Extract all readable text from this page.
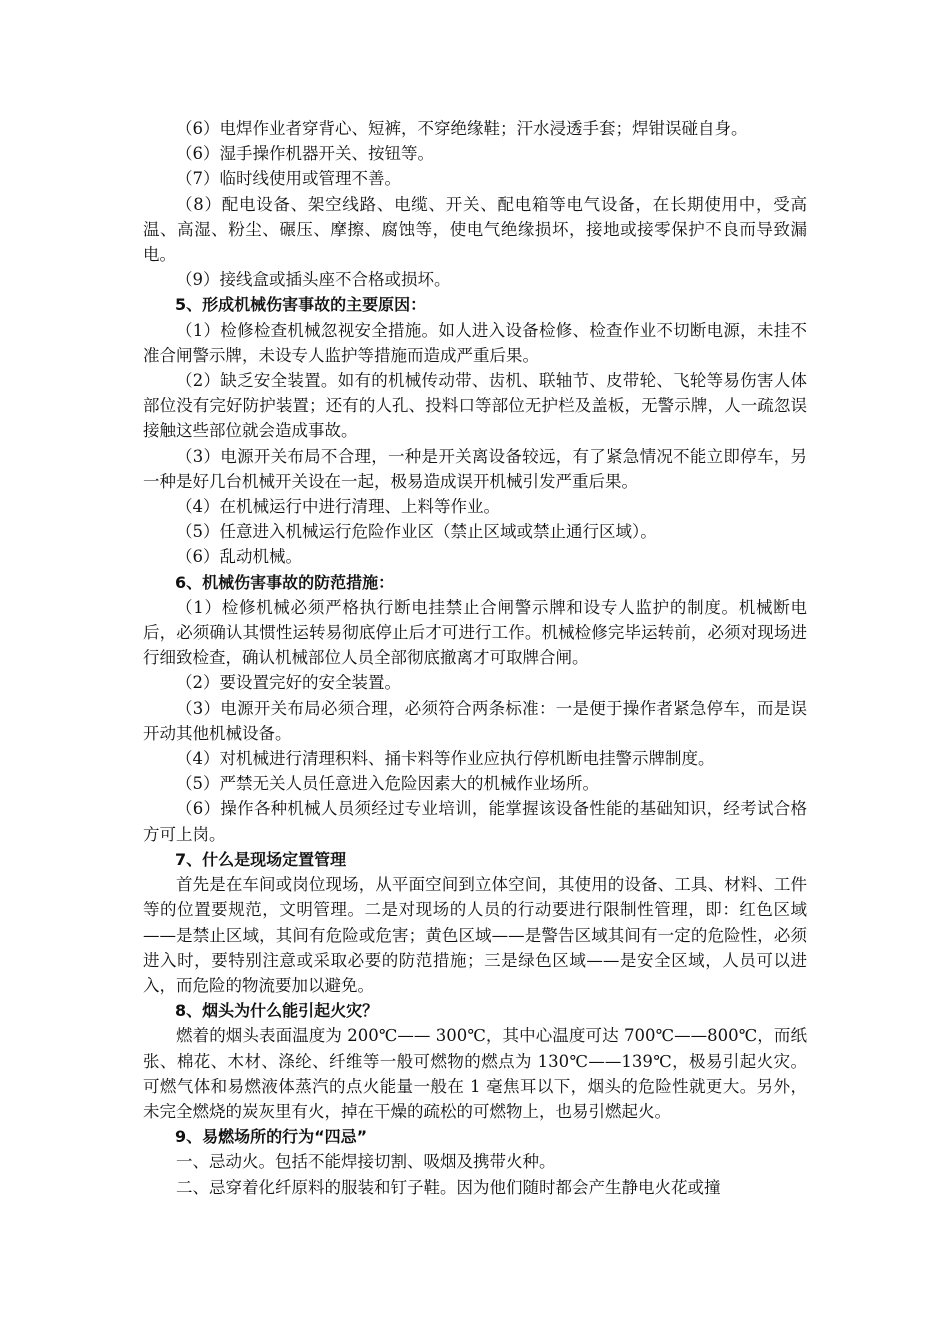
（6）电焊作业者穿背心、短裤，不穿绝缘鞋；汗水浸透手套；焊钳误碰自身。

（6）湿手操作机器开关、按钮等。

（7）临时线使用或管理不善。

（8）配电设备、架空线路、电缆、开关、配电箱等电气设备，在长期使用中，受高温、高湿、粉尘、碾压、摩擦、腐蚀等，使电气绝缘损坏，接地或接零保护不良而导致漏电。

（9）接线盒或插头座不合格或损坏。

5、形成机械伤害事故的主要原因：

（1）检修检查机械忽视安全措施。如人进入设备检修、检查作业不切断电源，未挂不准合闸警示牌，未设专人监护等措施而造成严重后果。

（2）缺乏安全装置。如有的机械传动带、齿机、联轴节、皮带轮、飞轮等易伤害人体部位没有完好防护装置；还有的人孔、投料口等部位无护栏及盖板，无警示牌，人一疏忽误接触这些部位就会造成事故。

（3）电源开关布局不合理，一种是开关离设备较远，有了紧急情况不能立即停车，另一种是好几台机械开关设在一起，极易造成误开机械引发严重后果。

（4）在机械运行中进行清理、上料等作业。

（5）任意进入机械运行危险作业区（禁止区域或禁止通行区域）。

（6）乱动机械。

6、机械伤害事故的防范措施：

（1）检修机械必须严格执行断电挂禁止合闸警示牌和设专人监护的制度。机械断电后，必须确认其惯性运转易彻底停止后才可进行工作。机械检修完毕运转前，必须对现场进行细致检查，确认机械部位人员全部彻底撤离才可取牌合闸。

（2）要设置完好的安全装置。

（3）电源开关布局必须合理，必须符合两条标准：一是便于操作者紧急停车，而是误开动其他机械设备。

（4）对机械进行清理积料、捅卡料等作业应执行停机断电挂警示牌制度。

（5）严禁无关人员任意进入危险因素大的机械作业场所。

（6）操作各种机械人员须经过专业培训，能掌握该设备性能的基础知识，经考试合格方可上岗。

7、什么是现场定置管理

首先是在车间或岗位现场，从平面空间到立体空间，其使用的设备、工具、材料、工件等的位置要规范，文明管理。二是对现场的人员的行动要进行限制性管理，即：红色区域——是禁止区域，其间有危险或危害；黄色区域——是警告区域其间有一定的危险性，必须进入时，要特别注意或采取必要的防范措施；三是绿色区域——是安全区域，人员可以进入，而危险的物流要加以避免。

8、烟头为什么能引起火灾？

燃着的烟头表面温度为 200℃—— 300℃，其中心温度可达 700℃——800℃，而纸张、棉花、木材、涤纶、纤维等一般可燃物的燃点为 130℃——139℃，极易引起火灾。可燃气体和易燃液体蒸汽的点火能量一般在 1 毫焦耳以下，烟头的危险性就更大。另外，未完全燃烧的炭灰里有火，掉在干燥的疏松的可燃物上，也易引燃起火。

9、易燃场所的行为“四忌”

一、忌动火。包括不能焊接切割、吸烟及携带火种。

二、忌穿着化纤原料的服装和钉子鞋。因为他们随时都会产生静电火花或撞
